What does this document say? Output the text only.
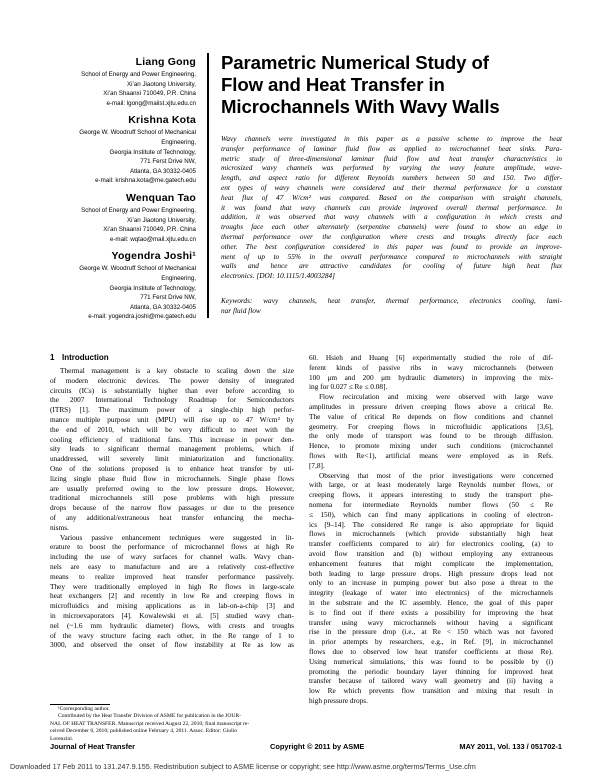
Liang Gong
School of Energy and Power Engineering,
Xi’an Jiaotong University,
Xi’an Shaanxi 710049, P.R. China
e-mail: lgong@mailst.xjtu.edu.cn
Krishna Kota
George W. Woodruff School of Mechanical
Engineering,
Georgia Institute of Technology,
771 Ferst Drive NW,
Atlanta, GA 30332-0405
e-mail: krishna.kota@me.gatech.edu
Wenquan Tao
School of Energy and Power Engineering,
Xi’an Jiaotong University,
Xi’an Shaanxi 710049, P.R. China
e-mail: wqtao@mail.xjtu.edu.cn
Yogendra Joshi¹
George W. Woodruff School of Mechanical
Engineering,
Georgia Institute of Technology,
771 Ferst Drive NW,
Atlanta, GA 30332-0405
e-mail: yogendra.joshi@me.gatech.edu
Parametric Numerical Study of
Flow and Heat Transfer in
Microchannels With Wavy Walls
Wavy channels were investigated in this paper as a passive scheme to improve the heat
transfer performance of laminar fluid flow as applied to microchannel heat sinks. Para-
metric study of three-dimensional laminar fluid flow and heat transfer characteristics in
microsized wavy channels was performed by varying the wavy feature amplitude, wave-
length, and aspect ratio for different Reynolds numbers between 50 and 150. Two differ-
ent types of wavy channels were considered and their thermal performance for a constant
heat flux of 47 W/cm² was compared. Based on the comparison with straight channels,
it was found that wavy channels can provide improved overall thermal performance. In
addition, it was observed that wavy channels with a configuration in which crests and
troughs face each other alternately (serpentine channels) were found to show an edge in
thermal performance over the configuration where crests and troughs directly face each
other. The best configuration considered in this paper was found to provide an improve-
ment of up to 55% in the overall performance compared to microchannels with straight
walls and hence are attractive candidates for cooling of future high heat flux
electronics. [DOI: 10.1115/1.4003284]
Keywords: wavy channels, heat transfer, thermal performance, electronics cooling, lami-
nar fluid flow
1 Introduction
Thermal management is a key obstacle to scaling down the size
of modern electronic devices. The power density of integrated
circuits (ICs) is substantially higher than ever before according to
the 2007 International Technology Roadmap for Semiconductors
(ITRS) [1]. The maximum power of a single-chip high perfor-
mance multiple purpose unit (MPU) will rise up to 47 W/cm² by
the end of 2010, which will be very difficult to meet with the
cooling efficiency of traditional fans. This increase in power den-
sity leads to significant thermal management problems, which if
unaddressed, will severely limit miniaturization and functionality.
One of the solutions proposed is to enhance heat transfer by uti-
lizing single phase fluid flow in microchannels. Single phase flows
are usually preferred owing to the low pressure drops. However,
traditional microchannels still pose problems with high pressure
drops because of the narrow flow passages or due to the presence
of any additional/extraneous heat transfer enhancing the mecha-
nisms.
Various passive enhancement techniques were suggested in lit-
erature to boost the performance of microchannel flows at high Re
including the use of wavy surfaces for channel walls. Wavy chan-
nels are easy to manufacture and are a relatively cost-effective
means to realize improved heat transfer performance passively.
They were traditionally employed in high Re flows in large-scale
heat exchangers [2] and recently in low Re and creeping flows in
microfluidics and mixing applications as in lab-on-a-chip [3] and
in microevaporators [4]. Kowalewski et al. [5] studied wavy chan-
nel (~1.6 mm hydraulic diameter) flows, with crests and troughs
of the wavy structure facing each other, in the Re range of 1 to
3000, and observed the onset of flow instability at Re as low as
60. Hsieh and Huang [6] experimentally studied the role of dif-
ferent kinds of passive ribs in wavy microchannels (between
100 μm and 200 μm hydraulic diameters) in improving the mix-
ing for 0.027 ≤ Re ≤ 0.08].
Flow recirculation and mixing were observed with large wave
amplitudes in pressure driven creeping flows above a critical Re.
The value of critical Re depends on flow conditions and channel
geometry. For creeping flows in microfluidic applications [3,6],
the only mode of transport was found to be through diffusion.
Hence, to promote mixing under such conditions (microchannel
flows with Re<1), artificial means were employed as in Refs.
[7,8].
Observing that most of the prior investigations were concerned
with large, or at least moderately large Reynolds number flows, or
creeping flows, it appears interesting to study the transport phe-
nomena for intermediate Reynolds number flows (50 ≤ Re
≤ 150), which can find many applications in cooling of electron-
ics [9–14]. The considered Re range is also appropriate for liquid
flows in microchannels (which provide substantially high heat
transfer coefficients compared to air) for electronics cooling, (a) to
avoid flow transition and (b) without employing any extraneous
enhancement features that might complicate the implementation,
both leading to large pressure drops. High pressure drops lead not
only to an increase in pumping power but also pose a threat to the
integrity (leakage of water into electronics) of the microchannels
in the substrate and the IC assembly. Hence, the goal of this paper
is to find out if there exists a possibility for improving the heat
transfer using wavy microchannels without having a significant
rise in the pressure drop (i.e., at Re < 150 which was not favored
in prior attempts by researchers, e.g., in Ref. [9], in microchannel
flows due to observed low heat transfer coefficients at those Re).
Using numerical simulations, this was found to be possible by (i)
promoting the periodic boundary layer thinning for improved heat
transfer because of tailored wavy wall geometry and (ii) having a
low Re which prevents flow transition and mixing that result in
high pressure drops.
¹Corresponding author.
Contributed by the Heat Transfer Division of ASME for publication in the JOUR-
NAL OF HEAT TRANSFER. Manuscript received August 22, 2010; final manuscript re-
ceived December 6, 2010; published online February 4, 2011. Assoc. Editor: Giulio
Lorenzini.
Journal of Heat Transfer	Copyright © 2011 by ASME	MAY 2011, Vol. 133 / 051702-1
Downloaded 17 Feb 2011 to 131.247.9.155. Redistribution subject to ASME license or copyright; see http://www.asme.org/terms/Terms_Use.cfm
